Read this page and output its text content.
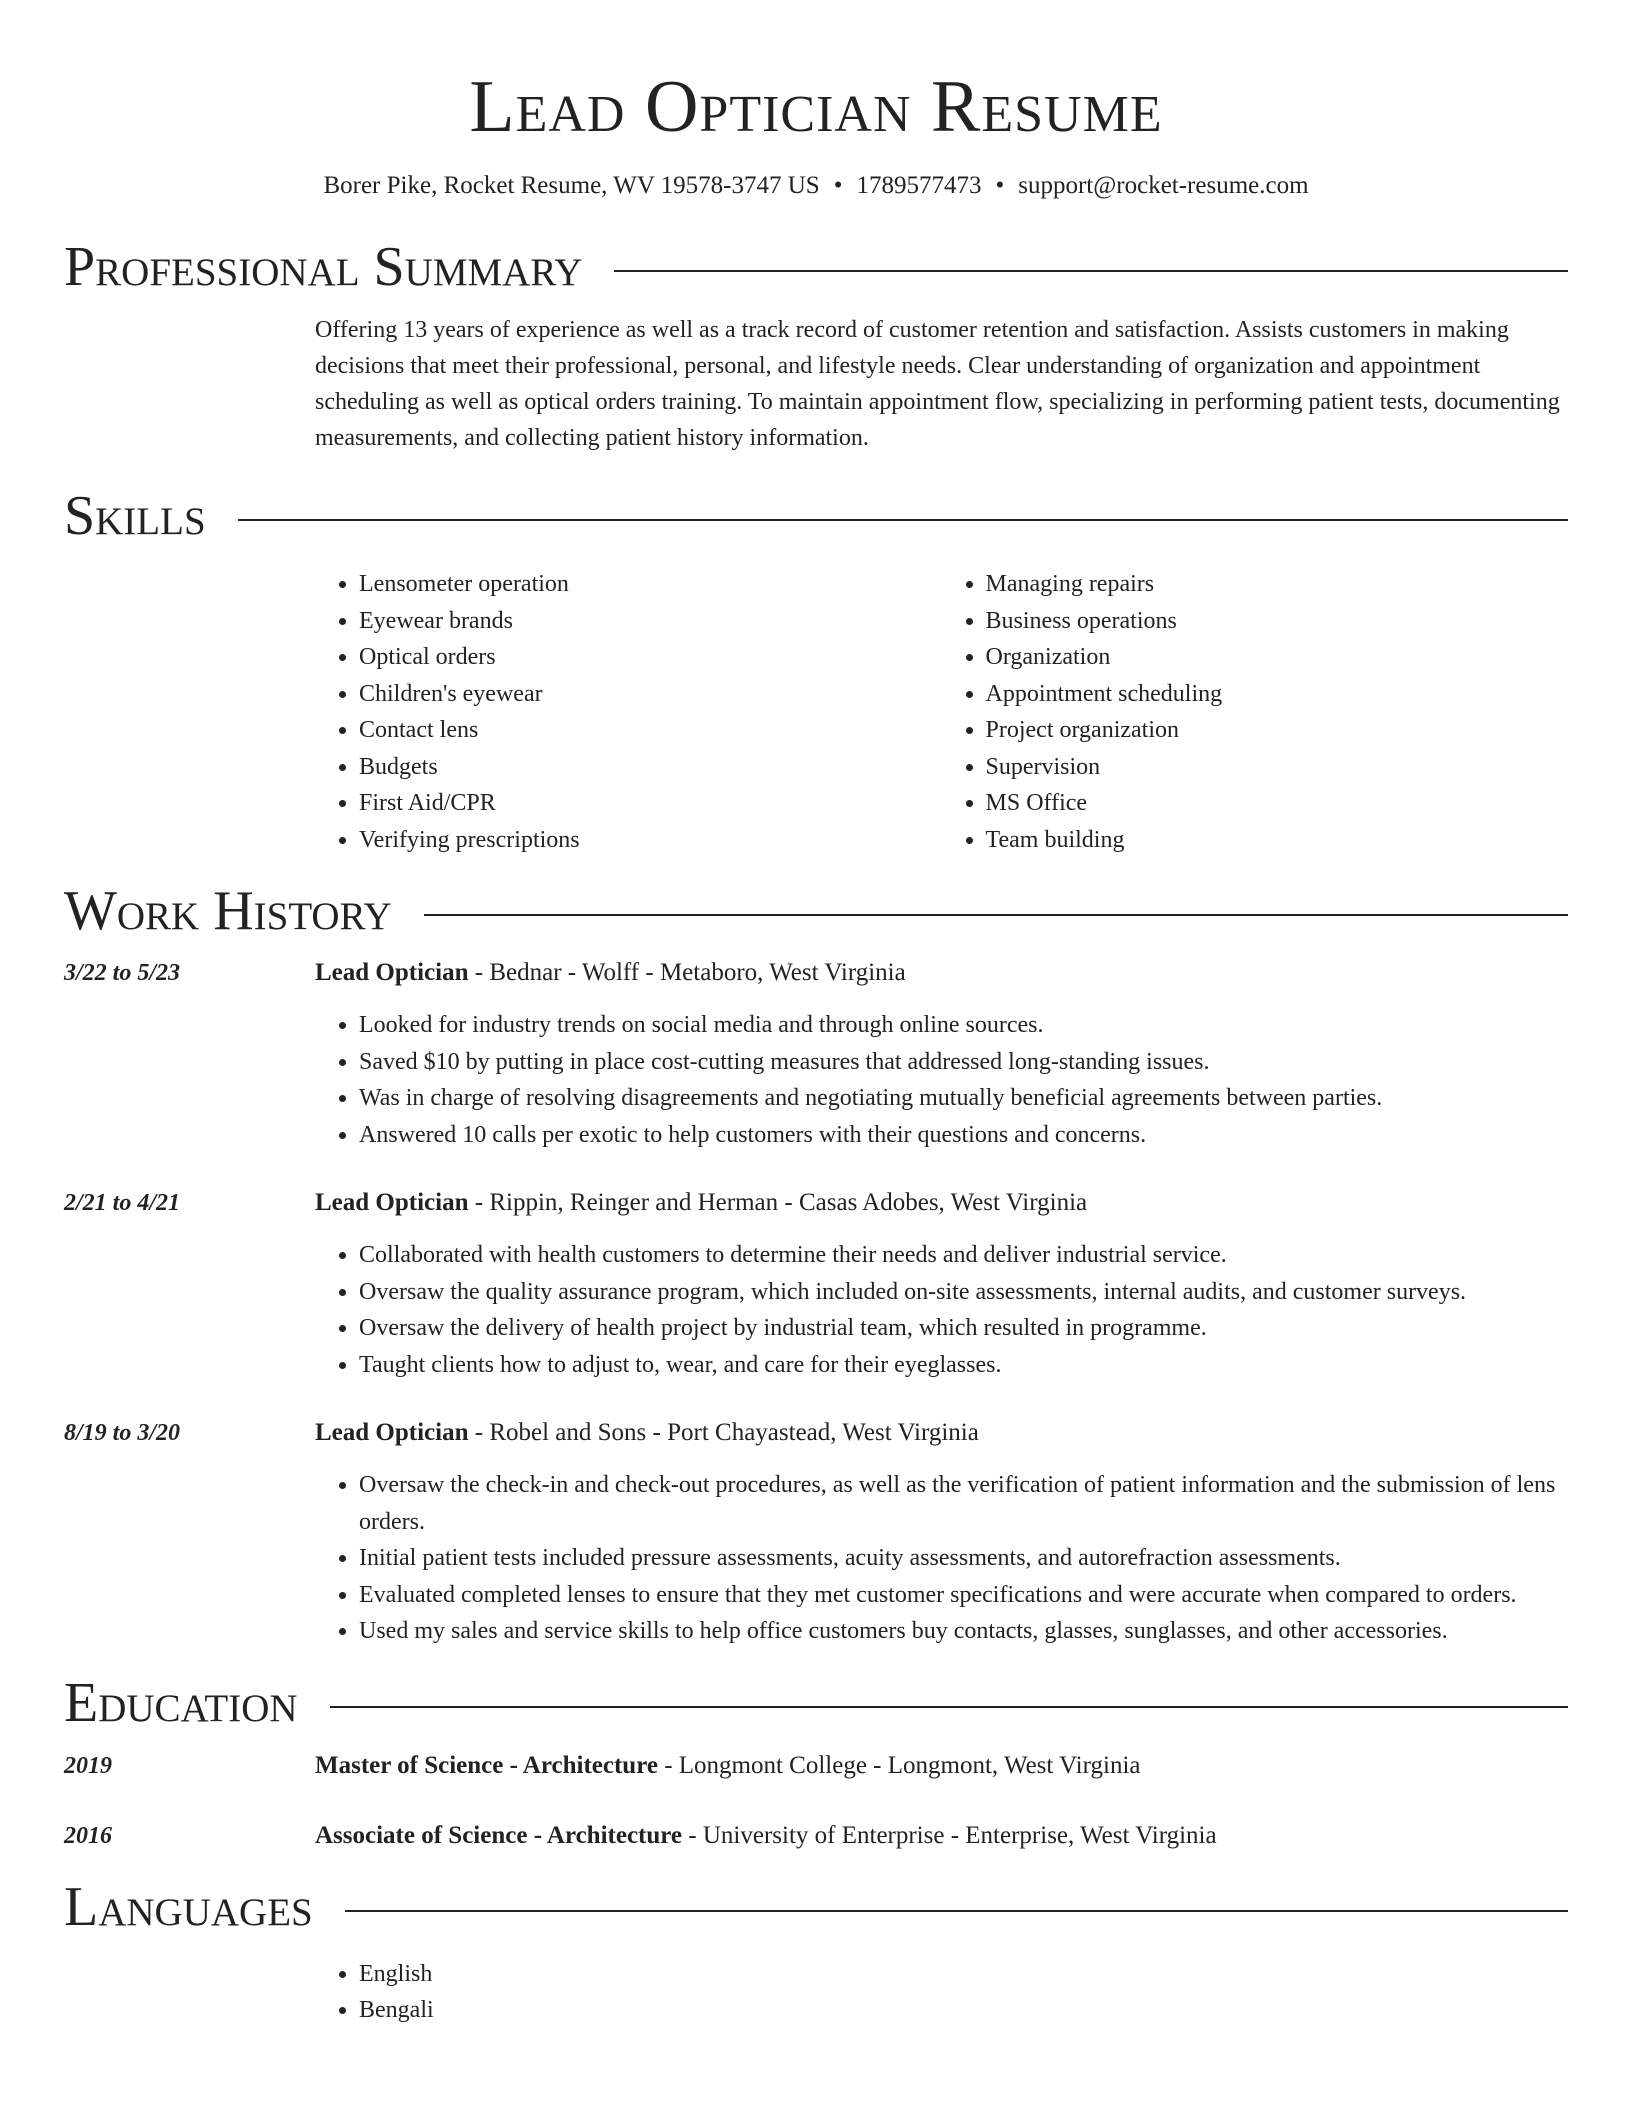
Lead Optician Resume
Borer Pike, Rocket Resume, WV 19578-3747 US • 1789577473 • support@rocket-resume.com
Professional Summary
Offering 13 years of experience as well as a track record of customer retention and satisfaction. Assists customers in making decisions that meet their professional, personal, and lifestyle needs. Clear understanding of organization and appointment scheduling as well as optical orders training. To maintain appointment flow, specializing in performing patient tests, documenting measurements, and collecting patient history information.
Skills
• Lensometer operation
• Eyewear brands
• Optical orders
• Children's eyewear
• Contact lens
• Budgets
• First Aid/CPR
• Verifying prescriptions
• Managing repairs
• Business operations
• Organization
• Appointment scheduling
• Project organization
• Supervision
• MS Office
• Team building
Work History
3/22 to 5/23	Lead Optician - Bednar - Wolff - Metaboro, West Virginia
• Looked for industry trends on social media and through online sources.
• Saved $10 by putting in place cost-cutting measures that addressed long-standing issues.
• Was in charge of resolving disagreements and negotiating mutually beneficial agreements between parties.
• Answered 10 calls per exotic to help customers with their questions and concerns.
2/21 to 4/21	Lead Optician - Rippin, Reinger and Herman - Casas Adobes, West Virginia
• Collaborated with health customers to determine their needs and deliver industrial service.
• Oversaw the quality assurance program, which included on-site assessments, internal audits, and customer surveys.
• Oversaw the delivery of health project by industrial team, which resulted in programme.
• Taught clients how to adjust to, wear, and care for their eyeglasses.
8/19 to 3/20	Lead Optician - Robel and Sons - Port Chayastead, West Virginia
• Oversaw the check-in and check-out procedures, as well as the verification of patient information and the submission of lens orders.
• Initial patient tests included pressure assessments, acuity assessments, and autorefraction assessments.
• Evaluated completed lenses to ensure that they met customer specifications and were accurate when compared to orders.
• Used my sales and service skills to help office customers buy contacts, glasses, sunglasses, and other accessories.
Education
2019	Master of Science - Architecture - Longmont College - Longmont, West Virginia
2016	Associate of Science - Architecture - University of Enterprise - Enterprise, West Virginia
Languages
• English
• Bengali
